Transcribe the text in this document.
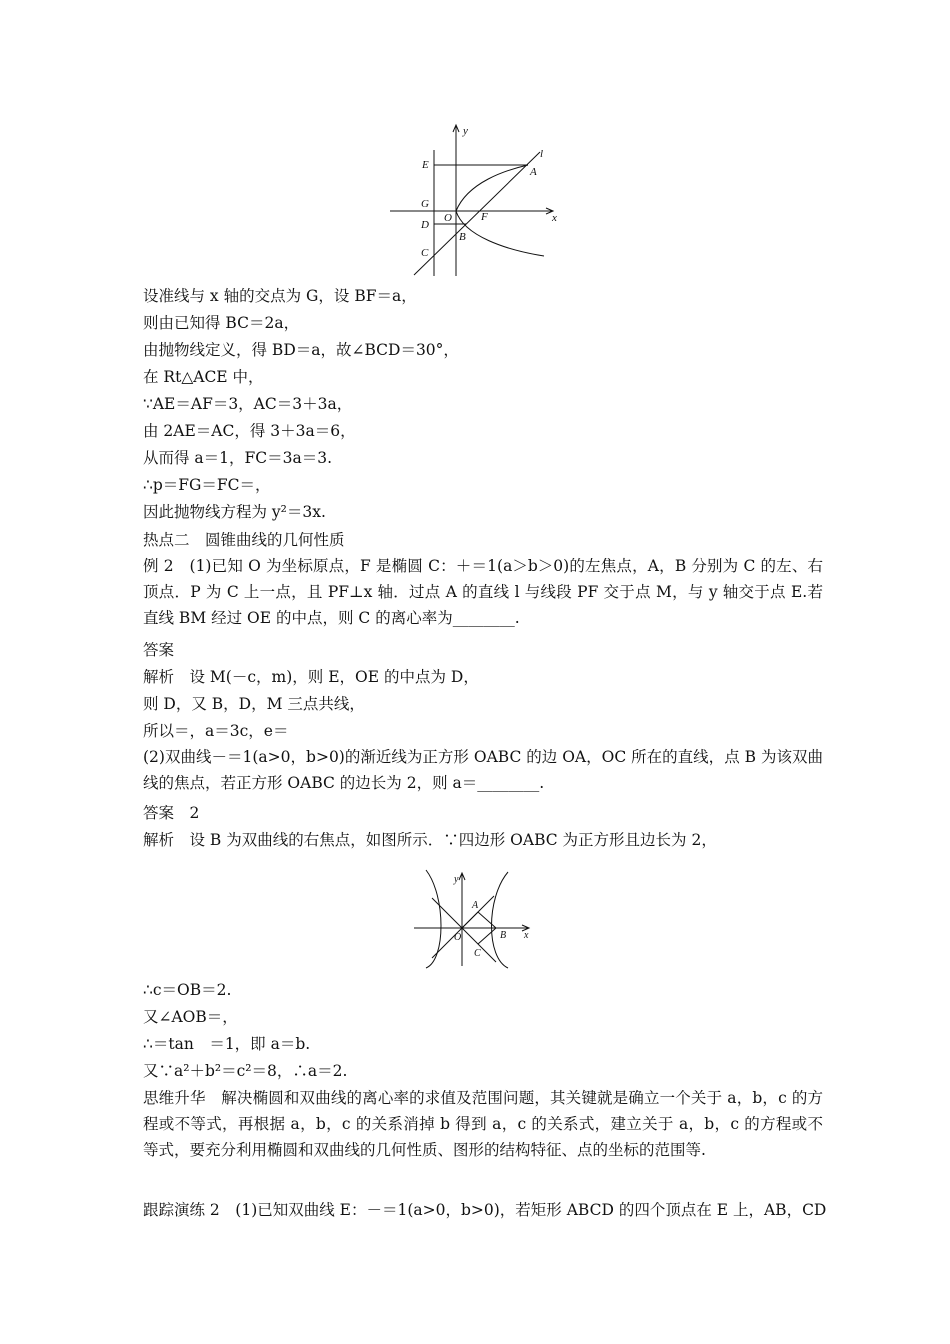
y
x
E
l
A
G
O	F
D
B
C
设准线与 x 轴的交点为 G，设 BF＝a，
则由已知得 BC＝2a，
由抛物线定义，得 BD＝a，故∠BCD＝30°，
在 Rt△ACE 中，
∵AE＝AF＝3，AC＝3＋3a，
由 2AE＝AC，得 3＋3a＝6，
从而得 a＝1，FC＝3a＝3.
∴p＝FG＝FC＝，
因此抛物线方程为 y²＝3x.
热点二　圆锥曲线的几何性质
例 2　(1)已知 O 为坐标原点，F 是椭圆 C：＋＝1(a＞b＞0)的左焦点，A，B 分别为 C 的左、右顶点．P 为 C 上一点，且 PF⊥x 轴．过点 A 的直线 l 与线段 PF 交于点 M，与 y 轴交于点 E.若直线 BM 经过 OE 的中点，则 C 的离心率为________.
答案
解析　设 M(－c，m)，则 E，OE 的中点为 D，
则 D，又 B，D，M 三点共线，
所以＝，a＝3c，e＝
(2)双曲线－＝1(a>0，b>0)的渐近线为正方形 OABC 的边 OA，OC 所在的直线，点 B 为该双曲线的焦点，若正方形 OABC 的边长为 2，则 a＝________.
答案　2
解析　设 B 为双曲线的右焦点，如图所示．∵四边形 OABC 为正方形且边长为 2，
y
A
O
C
B x
∴c＝OB＝2.
又∠AOB＝，
∴＝tan　＝1，即 a＝b.
又∵a²＋b²＝c²＝8，∴a＝2.
思维升华　解决椭圆和双曲线的离心率的求值及范围问题，其关键就是确立一个关于 a，b，c 的方程或不等式，再根据 a，b，c 的关系消掉 b 得到 a，c 的关系式，建立关于 a，b，c 的方程或不等式，要充分利用椭圆和双曲线的几何性质、图形的结构特征、点的坐标的范围等.
跟踪演练 2　(1)已知双曲线 E：－＝1(a>0，b>0)，若矩形 ABCD 的四个顶点在 E 上，AB，CD
